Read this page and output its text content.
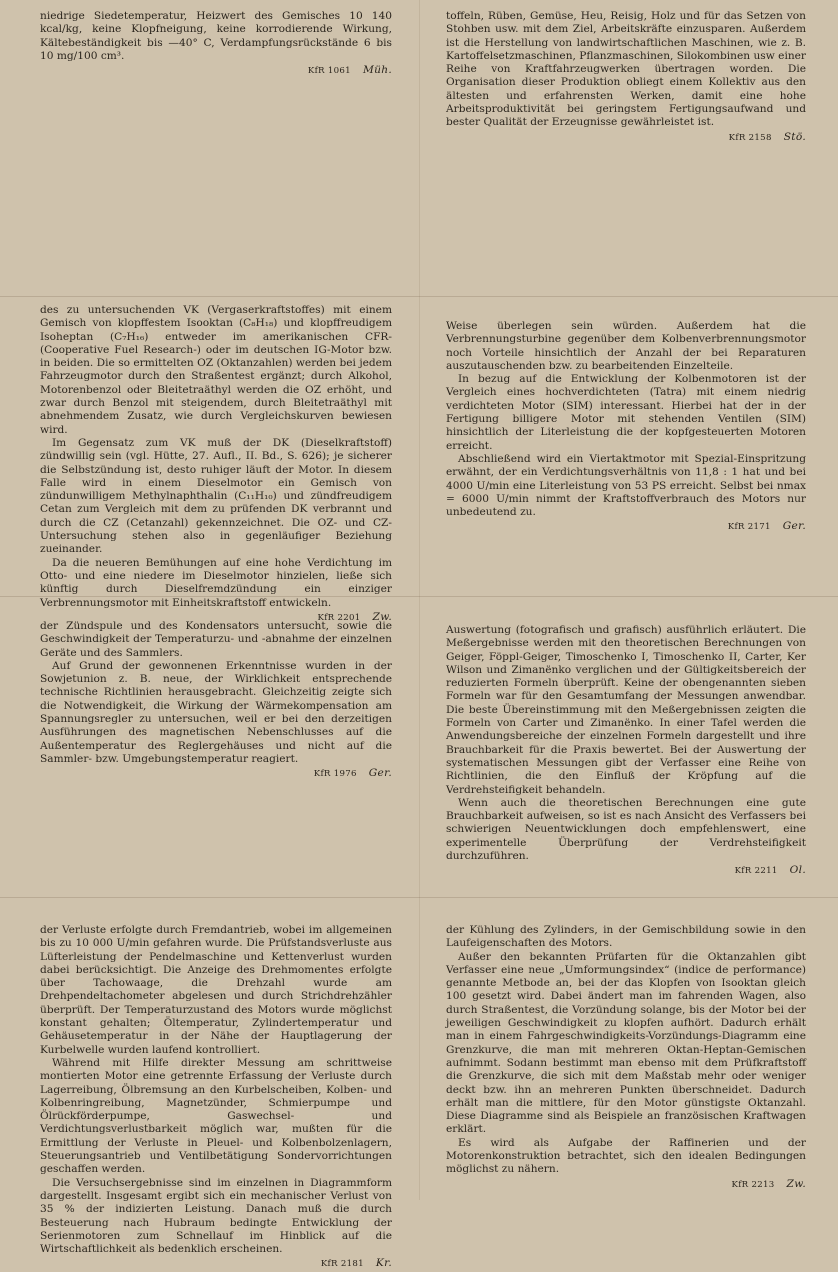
niedrige Siedetemperatur, Heizwert des Gemisches 10 140 kcal/kg, keine Klopfneigung, keine korrodierende Wirkung, Kältebeständigkeit bis —40° C, Verdampfungsrückstände 6 bis 10 mg/100 cm³.

KfR 1061 Müh.

toffeln, Rüben, Gemüse, Heu, Reisig, Holz und für das Setzen von Stohben usw. mit dem Ziel, Arbeitskräfte einzusparen. Außerdem ist die Herstellung von landwirtschaftlichen Maschinen, wie z. B. Kartoffelsetzmaschinen, Pflanzmaschinen, Silokombinen usw einer Reihe von Kraftfahrzeugwerken übertragen worden. Die Organisation dieser Produktion obliegt einem Kollektiv aus den ältesten und erfahrensten Werken, damit eine hohe Arbeitsproduktivität bei geringstem Fertigungsaufwand und bester Qualität der Erzeugnisse gewährleistet ist.

KfR 2158 Stö.

des zu untersuchenden VK (Vergaserkraftstoffes) mit einem Gemisch von klopffestem Isooktan (C₈H₁₈) und klopffreudigem Isoheptan (C₇H₁₆) entweder im amerikanischen CFR-(Cooperative Fuel Research-) oder im deutschen IG-Motor bzw. in beiden. Die so ermittelten OZ (Oktanzahlen) werden bei jedem Fahrzeugmotor durch den Straßentest ergänzt; durch Alkohol, Motorenbenzol oder Bleitetraäthyl werden die OZ erhöht, und zwar durch Benzol mit steigendem, durch Bleitetraäthyl mit abnehmendem Zusatz, wie durch Vergleichskurven bewiesen wird.

Im Gegensatz zum VK muß der DK (Dieselkraftstoff) zündwillig sein (vgl. Hütte, 27. Aufl., II. Bd., S. 626); je sicherer die Selbstzündung ist, desto ruhiger läuft der Motor. In diesem Falle wird in einem Dieselmotor ein Gemisch von zündunwilligem Methylnaphthalin (C₁₁H₁₀) und zündfreudigem Cetan zum Vergleich mit dem zu prüfenden DK verbrannt und durch die CZ (Cetanzahl) gekennzeichnet. Die OZ- und CZ-Untersuchung stehen also in gegenläufiger Beziehung zueinander.

Da die neueren Bemühungen auf eine hohe Verdichtung im Otto- und eine niedere im Dieselmotor hinzielen, ließe sich künftig durch Dieselfremdzündung ein einziger Verbrennungsmotor mit Einheitskraftstoff entwickeln.

KfR 2201 Zw.

Weise überlegen sein würden. Außerdem hat die Verbrennungsturbine gegenüber dem Kolbenverbrennungsmotor noch Vorteile hinsichtlich der Anzahl der bei Reparaturen auszutauschenden bzw. zu bearbeitenden Einzelteile.

In bezug auf die Entwicklung der Kolbenmotoren ist der Vergleich eines hochverdichteten (Tatra) mit einem niedrig verdichteten Motor (SIM) interessant. Hierbei hat der in der Fertigung billigere Motor mit stehenden Ventilen (SIM) hinsichtlich der Literleistung die der kopfgesteuerten Motoren erreicht.

Abschließend wird ein Viertaktmotor mit Spezial-Einspritzung erwähnt, der ein Verdichtungsverhältnis von 11,8 : 1 hat und bei 4000 U/min eine Literleistung von 53 PS erreicht. Selbst bei nmax = 6000 U/min nimmt der Kraftstoffverbrauch des Motors nur unbedeutend zu.

KfR 2171 Ger.

der Zündspule und des Kondensators untersucht, sowie die Geschwindigkeit der Temperaturzu- und -abnahme der einzelnen Geräte und des Sammlers.

Auf Grund der gewonnenen Erkenntnisse wurden in der Sowjetunion z. B. neue, der Wirklichkeit entsprechende technische Richtlinien herausgebracht. Gleichzeitig zeigte sich die Notwendigkeit, die Wirkung der Wärmekompensation am Spannungsregler zu untersuchen, weil er bei den derzeitigen Ausführungen des magnetischen Nebenschlusses auf die Außentemperatur des Reglergehäuses und nicht auf die Sammler- bzw. Umgebungstemperatur reagiert.

KfR 1976 Ger.

Auswertung (fotografisch und grafisch) ausführlich erläutert. Die Meßergebnisse werden mit den theoretischen Berechnungen von Geiger, Föppl-Geiger, Timoschenko I, Timoschenko II, Carter, Ker Wilson und Zimanënko verglichen und der Gültigkeitsbereich der reduzierten Formeln überprüft. Keine der obengenannten sieben Formeln war für den Gesamtumfang der Messungen anwendbar. Die beste Übereinstimmung mit den Meßergebnissen zeigten die Formeln von Carter und Zimanënko. In einer Tafel werden die Anwendungsbereiche der einzelnen Formeln dargestellt und ihre Brauchbarkeit für die Praxis bewertet. Bei der Auswertung der systematischen Messungen gibt der Verfasser eine Reihe von Richtlinien, die den Einfluß der Kröpfung auf die Verdrehsteifigkeit behandeln.

Wenn auch die theoretischen Berechnungen eine gute Brauchbarkeit aufweisen, so ist es nach Ansicht des Verfassers bei schwierigen Neuentwicklungen doch empfehlenswert, eine experimentelle Überprüfung der Verdrehsteifigkeit durchzuführen.

KfR 2211 Ol.

der Verluste erfolgte durch Fremdantrieb, wobei im allgemeinen bis zu 10 000 U/min gefahren wurde. Die Prüfstandsverluste aus Lüfterleistung der Pendelmaschine und Kettenverlust wurden dabei berücksichtigt. Die Anzeige des Drehmomentes erfolgte über Tachowaage, die Drehzahl wurde am Drehpendeltachometer abgelesen und durch Strichdrehzähler überprüft. Der Temperaturzustand des Motors wurde möglichst konstant gehalten; Öltemperatur, Zylindertemperatur und Gehäusetemperatur in der Nähe der Hauptlagerung der Kurbelwelle wurden laufend kontrolliert.

Während mit Hilfe direkter Messung am schrittweise montierten Motor eine getrennte Erfassung der Verluste durch Lagerreibung, Ölbremsung an den Kurbelscheiben, Kolben- und Kolbenringreibung, Magnetzünder, Schmierpumpe und Ölrückförderpumpe, Gaswechsel- und Verdichtungsverlustbarkeit möglich war, mußten für die Ermittlung der Verluste in Pleuel- und Kolbenbolzenlagern, Steuerungsantrieb und Ventilbetätigung Sondervorrichtungen geschaffen werden.

Die Versuchsergebnisse sind im einzelnen in Diagrammform dargestellt. Insgesamt ergibt sich ein mechanischer Verlust von 35 % der indizierten Leistung. Danach muß die durch Besteuerung nach Hubraum bedingte Entwicklung der Serienmotoren zum Schnellauf im Hinblick auf die Wirtschaftlichkeit als bedenklich erscheinen.

KfR 2181 Kr.

der Kühlung des Zylinders, in der Gemischbildung sowie in den Laufeigenschaften des Motors.

Außer den bekannten Prüfarten für die Oktanzahlen gibt Verfasser eine neue „Umformungsindex“ (indice de performance) genannte Metbode an, bei der das Klopfen von Isooktan gleich 100 gesetzt wird. Dabei ändert man im fahrenden Wagen, also durch Straßentest, die Vorzündung solange, bis der Motor bei der jeweiligen Geschwindigkeit zu klopfen aufhört. Dadurch erhält man in einem Fahrgeschwindigkeits-Vorzündungs-Diagramm eine Grenzkurve, die man mit mehreren Oktan-Heptan-Gemischen aufnimmt. Sodann bestimmt man ebenso mit dem Prüfkraftstoff die Grenzkurve, die sich mit dem Maßstab mehr oder weniger deckt bzw. ihn an mehreren Punkten überschneidet. Dadurch erhält man die mittlere, für den Motor günstigste Oktanzahl. Diese Diagramme sind als Beispiele an französischen Kraftwagen erklärt.

Es wird als Aufgabe der Raffinerien und der Motorenkonstruktion betrachtet, sich den idealen Bedingungen möglichst zu nähern.

KfR 2213 Zw.
